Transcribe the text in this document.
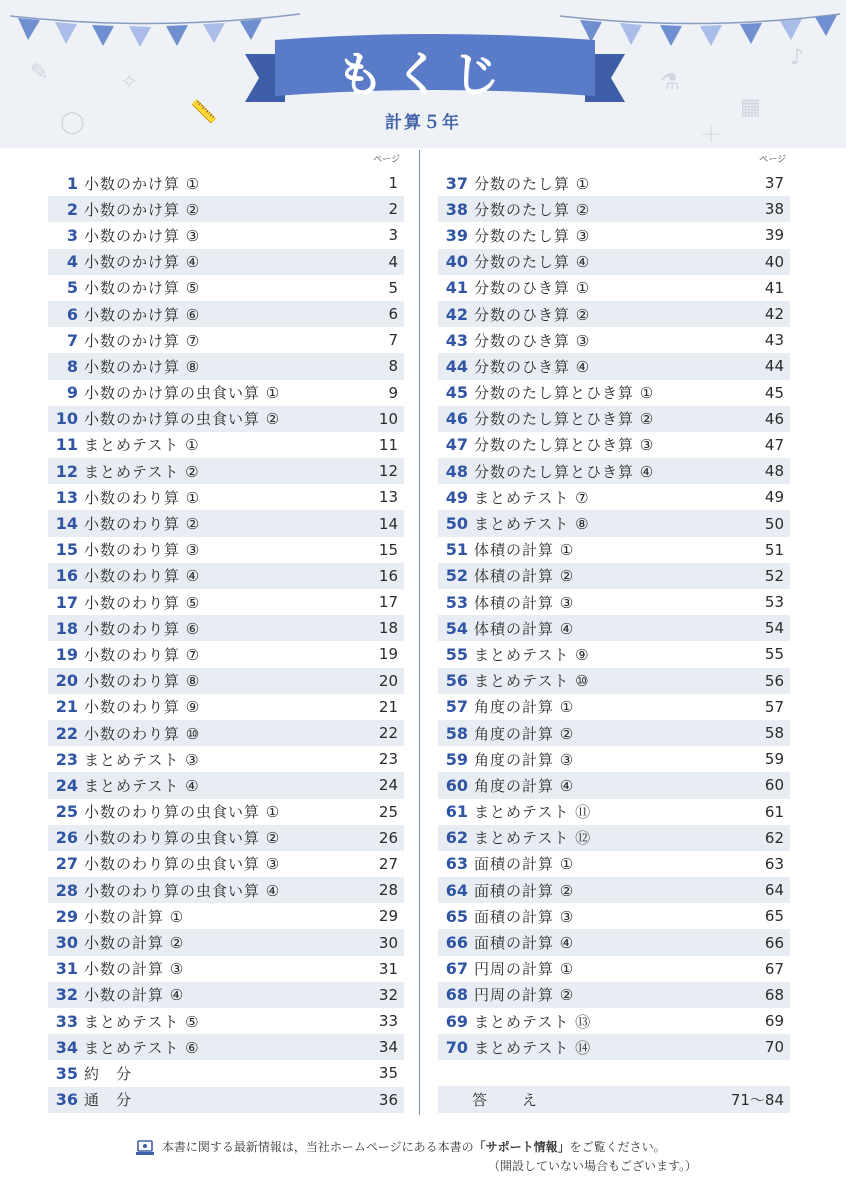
✎	✧
📏
⚗
▦
♪
◯
＋
もくじ
計算５年
ページ
1 小数のかけ算 ①	1
2 小数のかけ算 ②	2
3 小数のかけ算 ③	3
4 小数のかけ算 ④	4
5 小数のかけ算 ⑤	5
6 小数のかけ算 ⑥	6
7 小数のかけ算 ⑦	7
8 小数のかけ算 ⑧	8
9 小数のかけ算の虫食い算 ①	9
10 小数のかけ算の虫食い算 ②	10
11 まとめテスト ①	11
12 まとめテスト ②	12
13 小数のわり算 ①	13
14 小数のわり算 ②	14
15 小数のわり算 ③	15
16 小数のわり算 ④	16
17 小数のわり算 ⑤	17
18 小数のわり算 ⑥	18
19 小数のわり算 ⑦	19
20 小数のわり算 ⑧	20
21 小数のわり算 ⑨	21
22 小数のわり算 ⑩	22
23 まとめテスト ③	23
24 まとめテスト ④	24
25 小数のわり算の虫食い算 ①	25
26 小数のわり算の虫食い算 ②	26
27 小数のわり算の虫食い算 ③	27
28 小数のわり算の虫食い算 ④	28
29 小数の計算 ①	29
30 小数の計算 ②	30
31 小数の計算 ③	31
32 小数の計算 ④	32
33 まとめテスト ⑤	33
34 まとめテスト ⑥	34
35 約　分	35
36 通　分	36
ページ
37 分数のたし算 ①	37
38 分数のたし算 ②	38
39 分数のたし算 ③	39
40 分数のたし算 ④	40
41 分数のひき算 ①	41
42 分数のひき算 ②	42
43 分数のひき算 ③	43
44 分数のひき算 ④	44
45 分数のたし算とひき算 ①	45
46 分数のたし算とひき算 ②	46
47 分数のたし算とひき算 ③	47
48 分数のたし算とひき算 ④	48
49 まとめテスト ⑦	49
50 まとめテスト ⑧	50
51 体積の計算 ①	51
52 体積の計算 ②	52
53 体積の計算 ③	53
54 体積の計算 ④	54
55 まとめテスト ⑨	55
56 まとめテスト ⑩	56
57 角度の計算 ①	57
58 角度の計算 ②	58
59 角度の計算 ③	59
60 角度の計算 ④	60
61 まとめテスト ⑪	61
62 まとめテスト ⑫	62
63 面積の計算 ①	63
64 面積の計算 ②	64
65 面積の計算 ③	65
66 面積の計算 ④	66
67 円周の計算 ①	67
68 円周の計算 ②	68
69 まとめテスト ⑬	69
70 まとめテスト ⑭	70
答　え	71～84
本書に関する最新情報は，当社ホームページにある本書の「サポート情報」をご覧ください。
（開設していない場合もございます。）
